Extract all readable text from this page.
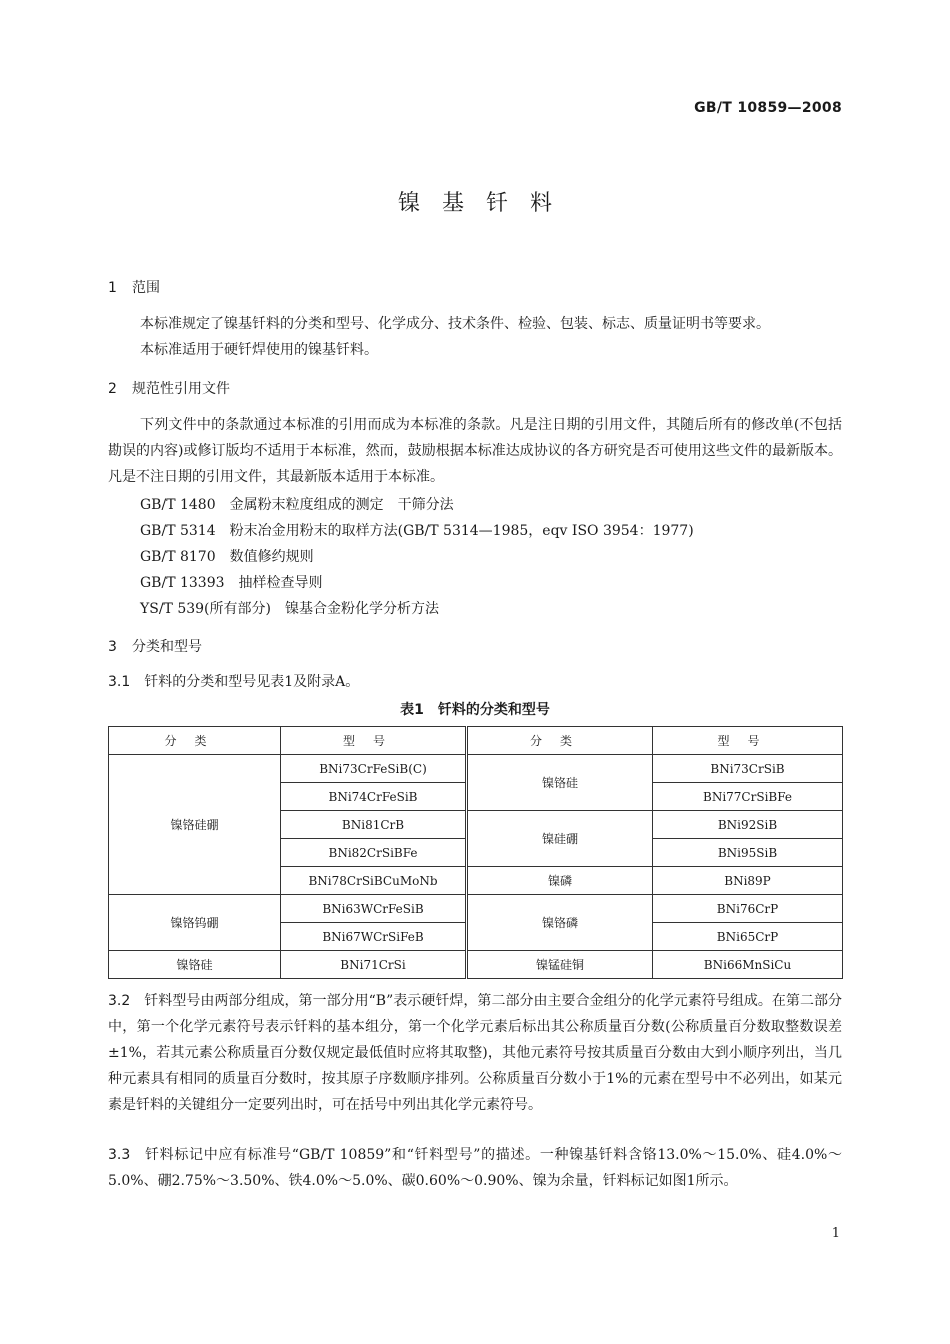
GB/T 10859—2008
镍基钎料
1 范围

本标准规定了镍基钎料的分类和型号、化学成分、技术条件、检验、包装、标志、质量证明书等要求。

本标准适用于硬钎焊使用的镍基钎料。

2 规范性引用文件

下列文件中的条款通过本标准的引用而成为本标准的条款。凡是注日期的引用文件，其随后所有的修改单(不包括勘误的内容)或修订版均不适用于本标准，然而，鼓励根据本标准达成协议的各方研究是否可使用这些文件的最新版本。凡是不注日期的引用文件，其最新版本适用于本标准。

GB/T 1480　金属粉末粒度组成的测定　干筛分法
GB/T 5314　粉末冶金用粉末的取样方法(GB/T 5314—1985，eqv ISO 3954：1977)
GB/T 8170　数值修约规则
GB/T 13393　抽样检查导则
YS/T 539(所有部分)　镍基合金粉化学分析方法
3 分类和型号

3.1 钎料的分类和型号见表1及附录A。

表1　钎料的分类和型号
分类	型号	分类	型号
镍铬硅硼	BNi73CrFeSiB(C)	镍铬硅	BNi73CrSiB
	BNi74CrFeSiB		BNi77CrSiBFe
	BNi81CrB	镍硅硼	BNi92SiB
	BNi82CrSiBFe		BNi95SiB
	BNi78CrSiBCuMoNb	镍磷	BNi89P
镍铬钨硼	BNi63WCrFeSiB	镍铬磷	BNi76CrP
	BNi67WCrSiFeB		BNi65CrP
镍铬硅	BNi71CrSi	镍锰硅铜	BNi66MnSiCu

3.2 钎料型号由两部分组成，第一部分用“B”表示硬钎焊，第二部分由主要合金组分的化学元素符号组成。在第二部分中，第一个化学元素符号表示钎料的基本组分，第一个化学元素后标出其公称质量百分数(公称质量百分数取整数误差±1%，若其元素公称质量百分数仅规定最低值时应将其取整)，其他元素符号按其质量百分数由大到小顺序列出，当几种元素具有相同的质量百分数时，按其原子序数顺序排列。公称质量百分数小于1%的元素在型号中不必列出，如某元素是钎料的关键组分一定要列出时，可在括号中列出其化学元素符号。

3.3 钎料标记中应有标准号“GB/T 10859”和“钎料型号”的描述。一种镍基钎料含铬13.0%～15.0%、硅4.0%～5.0%、硼2.75%～3.50%、铁4.0%～5.0%、碳0.60%～0.90%、镍为余量，钎料标记如图1所示。

1
